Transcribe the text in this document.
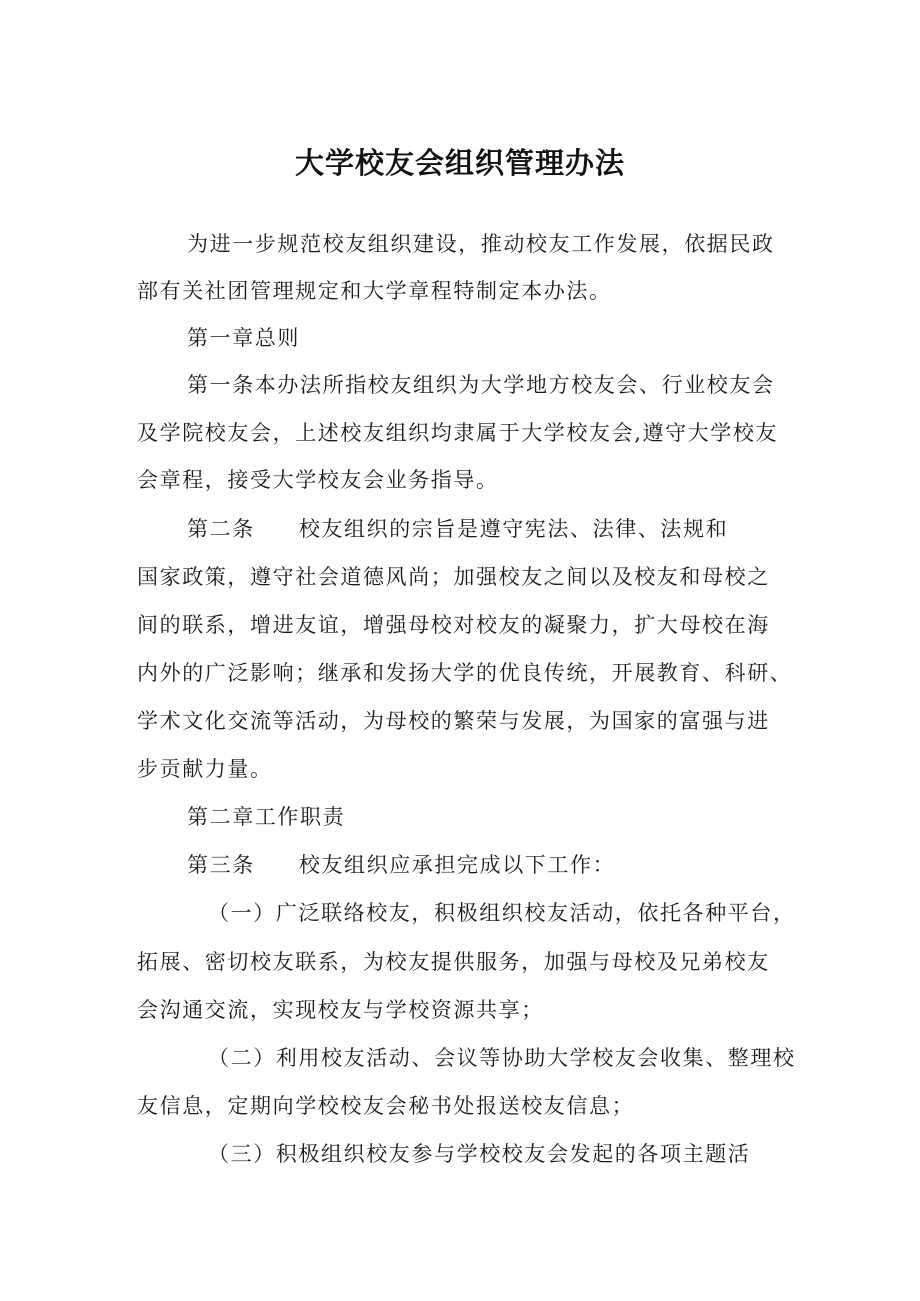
大学校友会组织管理办法
为进一步规范校友组织建设，推动校友工作发展，依据民政
部有关社团管理规定和大学章程特制定本办法。
第一章总则
第一条本办法所指校友组织为大学地方校友会、行业校友会
及学院校友会，上述校友组织均隶属于大学校友会,遵守大学校友
会章程，接受大学校友会业务指导。
第二条 校友组织的宗旨是遵守宪法、法律、法规和
国家政策，遵守社会道德风尚；加强校友之间以及校友和母校之
间的联系，增进友谊，增强母校对校友的凝聚力，扩大母校在海
内外的广泛影响；继承和发扬大学的优良传统，开展教育、科研、
学术文化交流等活动，为母校的繁荣与发展，为国家的富强与进
步贡献力量。
第二章工作职责
第三条 校友组织应承担完成以下工作：
（一）广泛联络校友，积极组织校友活动，依托各种平台，
拓展、密切校友联系，为校友提供服务，加强与母校及兄弟校友
会沟通交流，实现校友与学校资源共享；
（二）利用校友活动、会议等协助大学校友会收集、整理校
友信息，定期向学校校友会秘书处报送校友信息；
（三）积极组织校友参与学校校友会发起的各项主题活
